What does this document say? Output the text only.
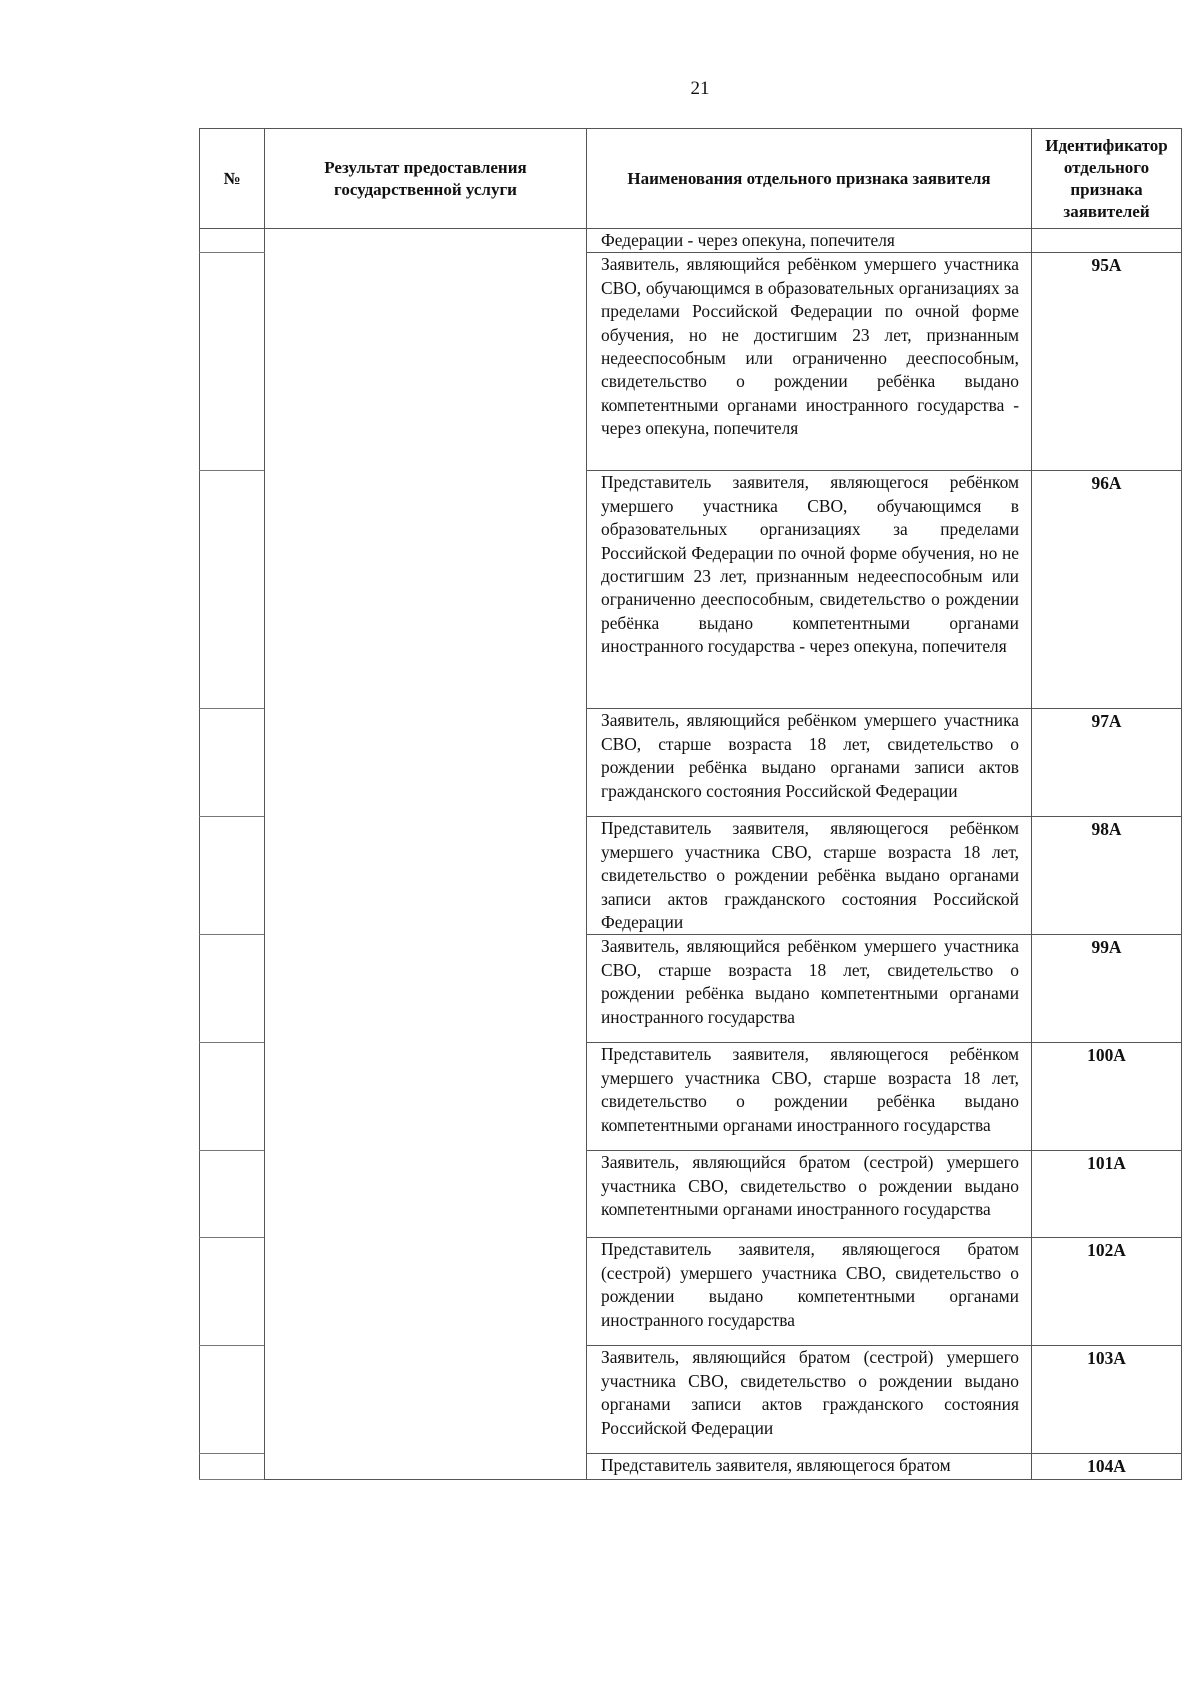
21
№	Результат предоставления государственной услуги	Наименования отдельного признака заявителя	Идентификатор отдельного признака заявителей
		Федерации - через опекуна, попечителя	
		Заявитель, являющийся ребёнком умершего участника СВО, обучающимся в образовательных организациях за пределами Российской Федерации по очной форме обучения, но не достигшим 23 лет, признанным недееспособным или ограниченно дееспособным, свидетельство о рождении ребёнка выдано компетентными органами иностранного государства - через опекуна, попечителя	95А
		Представитель заявителя, являющегося ребёнком умершего участника СВО, обучающимся в образовательных организациях за пределами Российской Федерации по очной форме обучения, но не достигшим 23 лет, признанным недееспособным или ограниченно дееспособным, свидетельство о рождении ребёнка выдано компетентными органами иностранного государства - через опекуна, попечителя	96А
		Заявитель, являющийся ребёнком умершего участника СВО, старше возраста 18 лет, свидетельство о рождении ребёнка выдано органами записи актов гражданского состояния Российской Федерации	97А
		Представитель заявителя, являющегося ребёнком умершего участника СВО, старше возраста 18 лет, свидетельство о рождении ребёнка выдано органами записи актов гражданского состояния Российской Федерации	98А
		Заявитель, являющийся ребёнком умершего участника СВО, старше возраста 18 лет, свидетельство о рождении ребёнка выдано компетентными органами иностранного государства	99А
		Представитель заявителя, являющегося ребёнком умершего участника СВО, старше возраста 18 лет, свидетельство о рождении ребёнка выдано компетентными органами иностранного государства	100А
		Заявитель, являющийся братом (сестрой) умершего участника СВО, свидетельство о рождении выдано компетентными органами иностранного государства	101А
		Представитель заявителя, являющегося братом (сестрой) умершего участника СВО, свидетельство о рождении выдано компетентными органами иностранного государства	102А
		Заявитель, являющийся братом (сестрой) умершего участника СВО, свидетельство о рождении выдано органами записи актов гражданского состояния Российской Федерации	103А
		Представитель заявителя, являющегося братом	104А
